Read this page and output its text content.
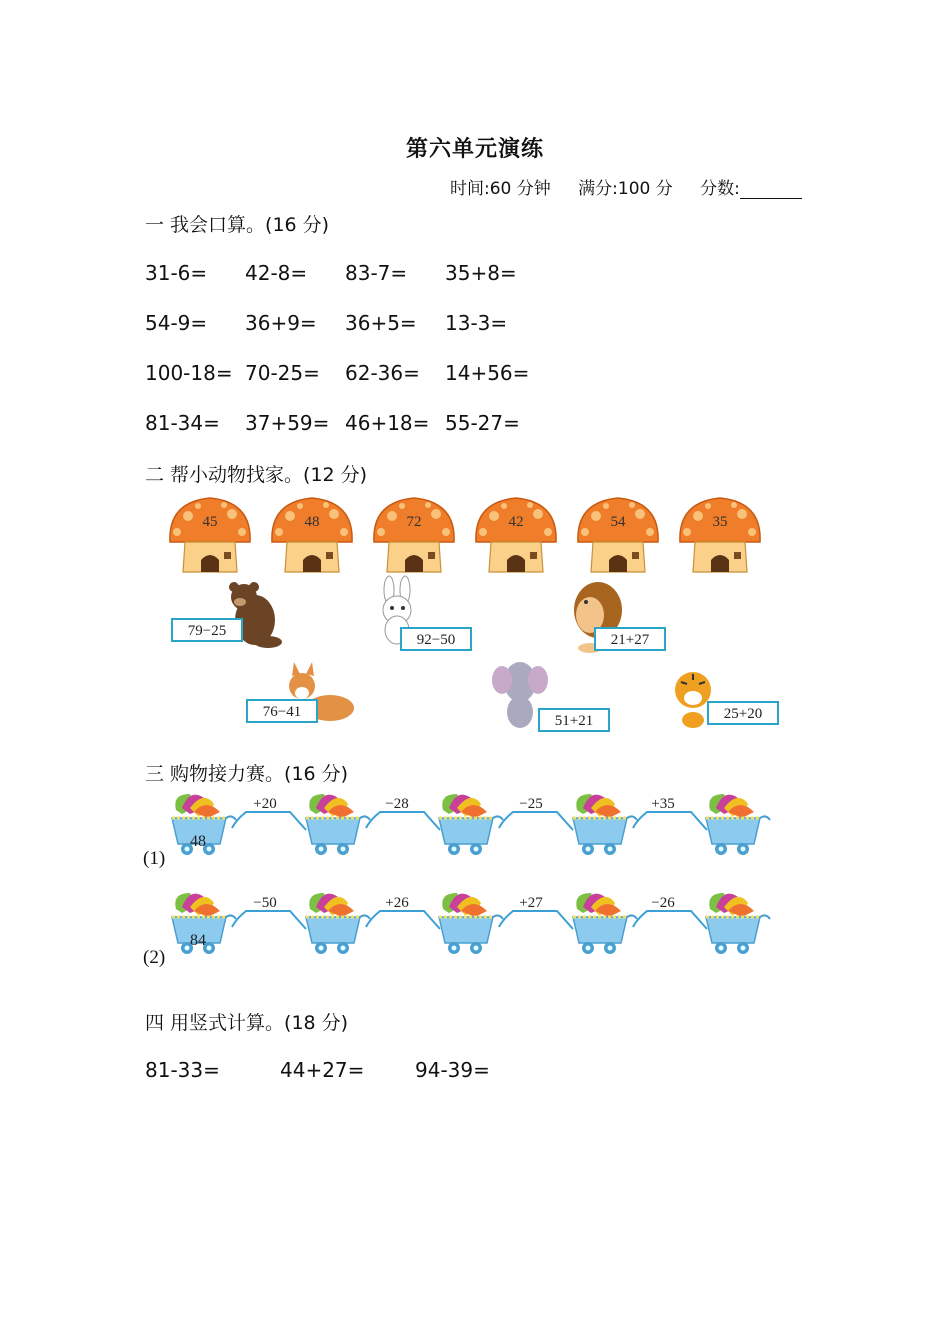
第六单元演练
时间:60 分钟 满分:100 分 分数:
一 我会口算。(16 分)
31-6= 42-8= 83-7= 35+8=
54-9= 36+9= 36+5= 13-3=
100-18= 70-25= 62-36= 14+56=
81-34= 37+59= 46+18= 55-27=
二 帮小动物找家。(12 分)
45	48	72	42	54	35
79−25
92−50	21+27
76−41
51+21	25+20
三 购物接力赛。(16 分)
48
+20	−28	−25	+35
84
−50	+26	+27	−26
(1)
(2)
四 用竖式计算。(18 分)
81-33=	44+27=	94-39=
